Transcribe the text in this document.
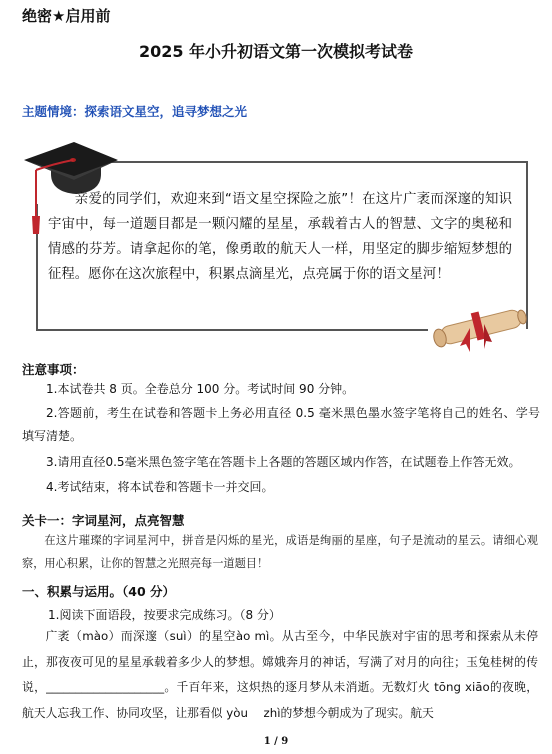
绝密★启用前
2025 年小升初语文第一次模拟考试卷
主题情境：探索语文星空，追寻梦想之光

亲爱的同学们，欢迎来到“语文星空探险之旅”！在这片广袤而深邃的知识宇宙中，每一道题目都是一颗闪耀的星星，承载着古人的智慧、文字的奥秘和情感的芬芳。请拿起你的笔，像勇敢的航天人一样，用坚定的脚步缩短梦想的征程。愿你在这次旅程中，积累点滴星光，点亮属于你的语文星河！

注意事项：

1.本试卷共 8 页。全卷总分 100 分。考试时间 90 分钟。

2.答题前，考生在试卷和答题卡上务必用直径 0.5 毫米黑色墨水签字笔将自己的姓名、学号填写清楚。

3.请用直径0.5毫米黑色签字笔在答题卡上各题的答题区域内作答，在试题卷上作答无效。

4.考试结束，将本试卷和答题卡一并交回。

关卡一：字词星河，点亮智慧

在这片璀璨的字词星河中，拼音是闪烁的星光，成语是绚丽的星座，句子是流动的星云。请细心观察，用心积累，让你的智慧之光照亮每一道题目！

一、积累与运用。（40 分）
1.阅读下面语段，按要求完成练习。（8 分）

广袤（mào）而深邃（suì）的星空ào mì。从古至今，中华民族对宇宙的思考和探索从未停止，那夜夜可见的星星承载着多少人的梦想。嫦娥奔月的神话，写满了对月的向往；玉兔桂树的传说，____________________。千百年来，这炽热的逐月梦从未消逝。无数灯火 tōng xiāo的夜晚，航天人忘我工作、协同攻坚，让那看似 yòu　 zhì的梦想今朝成为了现实。航天

1 / 9
